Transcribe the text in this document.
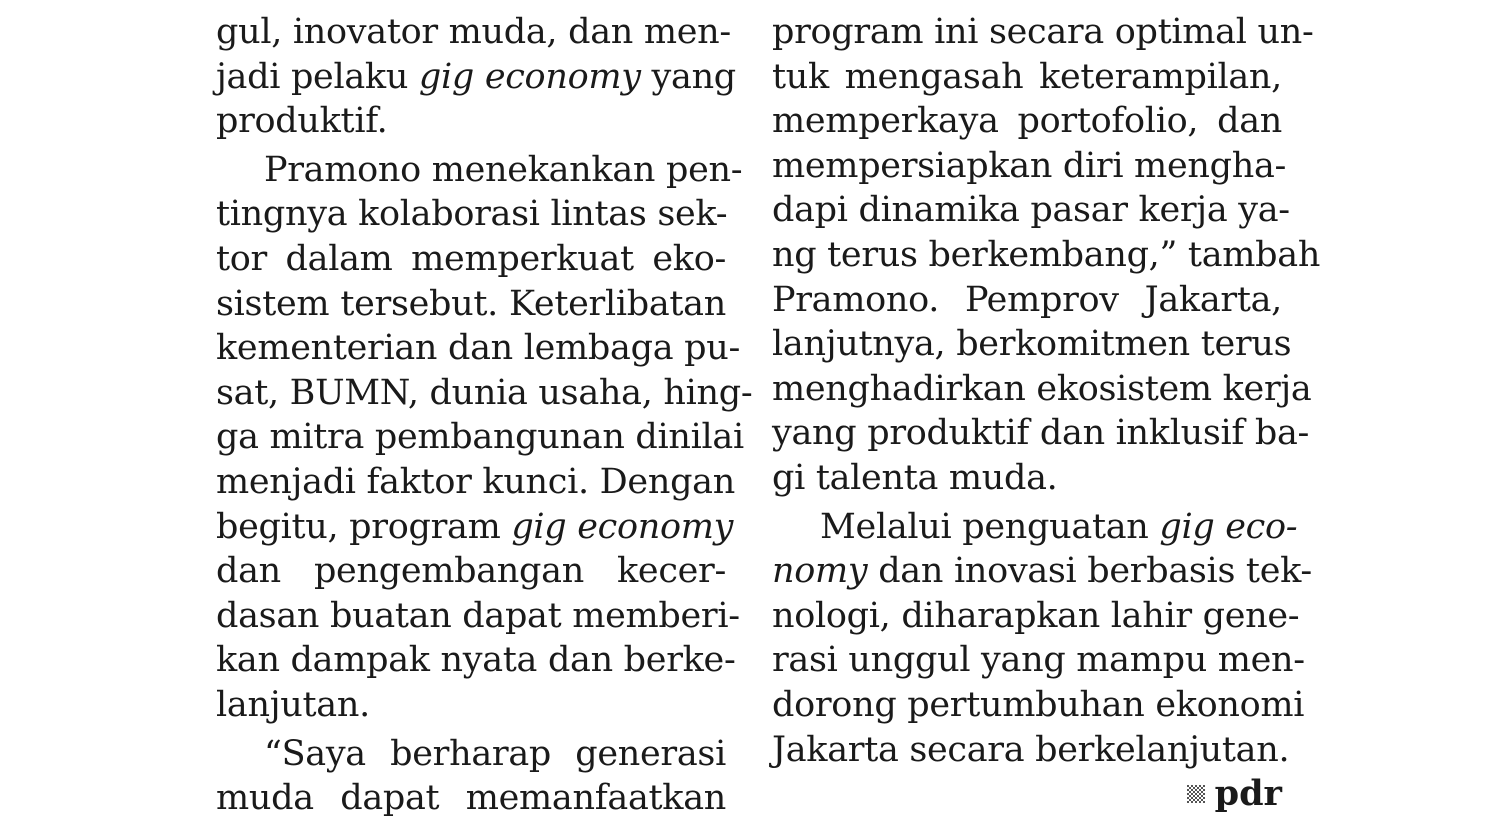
gul, inovator muda, dan men-
jadi pelaku gig economy yang
produktif.
Pramono menekankan pen-
tingnya kolaborasi lintas sek-
tor dalam memperkuat eko-
sistem tersebut. Keterlibatan
kementerian dan lembaga pu-
sat, BUMN, dunia usaha, hing-
ga mitra pembangunan dinilai
menjadi faktor kunci. Dengan
begitu, program gig economy
dan pengembangan kecer-
dasan buatan dapat memberi-
kan dampak nyata dan berke-
lanjutan.
“Saya berharap generasi
muda dapat memanfaatkan
program ini secara optimal un-
tuk mengasah keterampilan,
memperkaya portofolio, dan
mempersiapkan diri mengha-
dapi dinamika pasar kerja ya-
ng terus berkembang,” tambah
Pramono. Pemprov Jakarta,
lanjutnya, berkomitmen terus
menghadirkan ekosistem kerja
yang produktif dan inklusif ba-
gi talenta muda.
Melalui penguatan gig eco-
nomy dan inovasi berbasis tek-
nologi, diharapkan lahir gene-
rasi unggul yang mampu men-
dorong pertumbuhan ekonomi
Jakarta secara berkelanjutan.
pdr
